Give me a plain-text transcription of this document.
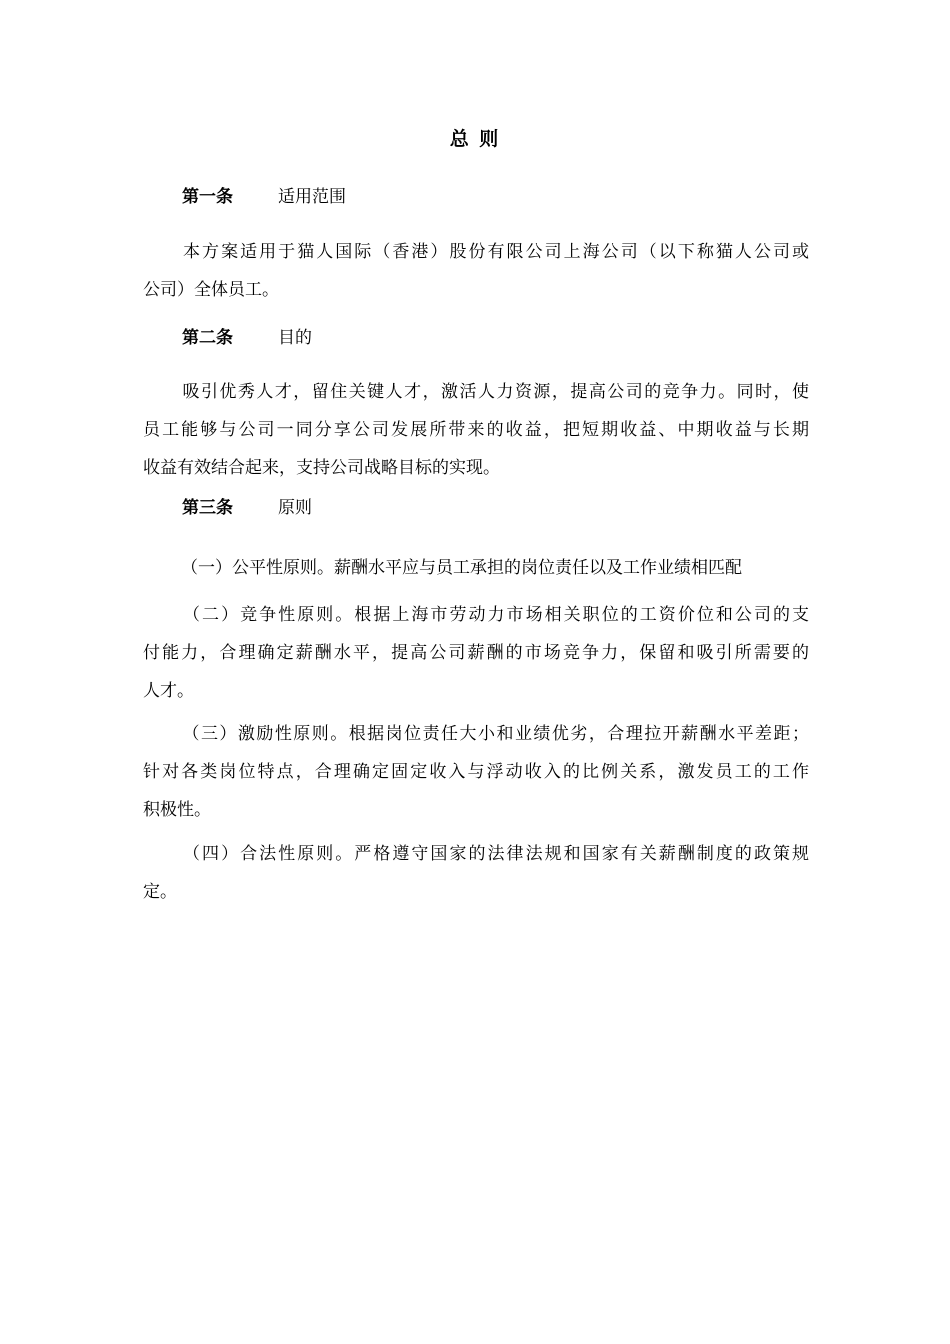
总 则
第一条	适用范围
本方案适用于猫人国际（香港）股份有限公司上海公司（以下称猫人公司或
公司）全体员工。
第二条	目的
吸引优秀人才，留住关键人才，激活人力资源，提高公司的竞争力。同时，使
员工能够与公司一同分享公司发展所带来的收益，把短期收益、中期收益与长期
收益有效结合起来，支持公司战略目标的实现。
第三条	原则
（一）公平性原则。薪酬水平应与员工承担的岗位责任以及工作业绩相匹配
（二）竞争性原则。根据上海市劳动力市场相关职位的工资价位和公司的支
付能力，合理确定薪酬水平，提高公司薪酬的市场竞争力，保留和吸引所需要的
人才。
（三）激励性原则。根据岗位责任大小和业绩优劣，合理拉开薪酬水平差距；
针对各类岗位特点，合理确定固定收入与浮动收入的比例关系，激发员工的工作
积极性。
（四）合法性原则。严格遵守国家的法律法规和国家有关薪酬制度的政策规
定。
